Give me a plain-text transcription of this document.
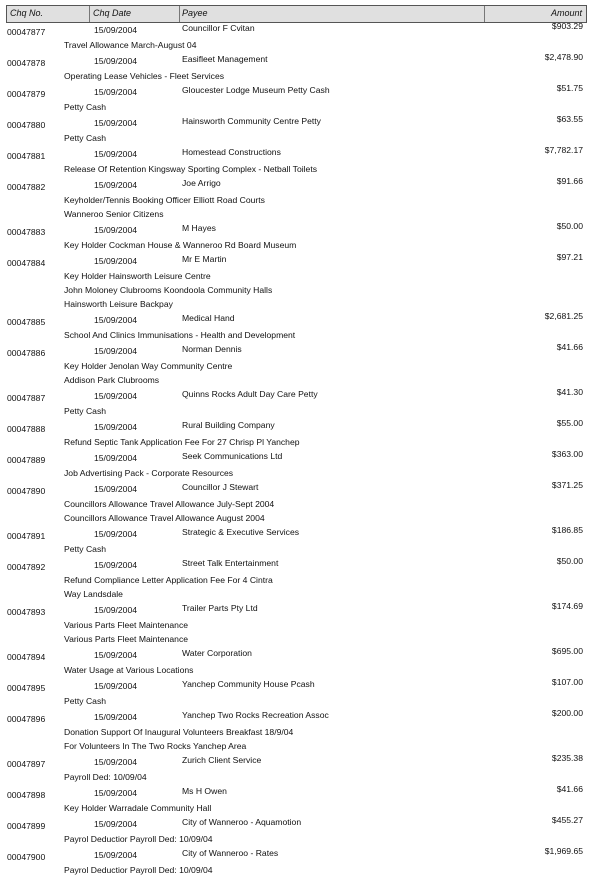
Chq No.	Chq Date	Payee	Amount
00047877	15/09/2004	Councillor F Cvitan	$903.29
Travel Allowance March-August 04
00047878	15/09/2004	Easifleet Management	$2,478.90
Operating Lease Vehicles - Fleet Services
00047879	15/09/2004	Gloucester Lodge Museum Petty Cash	$51.75
Petty Cash
00047880	15/09/2004	Hainsworth Community Centre Petty	$63.55
Petty Cash
00047881	15/09/2004	Homestead Constructions	$7,782.17
Release Of Retention Kingsway Sporting Complex - Netball Toilets
00047882	15/09/2004	Joe Arrigo	$91.66
Keyholder/Tennis Booking Officer Elliott Road Courts
Wanneroo Senior Citizens
00047883	15/09/2004	M Hayes	$50.00
Key Holder Cockman House & Wanneroo Rd Board Museum
00047884	15/09/2004	Mr E Martin	$97.21
Key Holder Hainsworth Leisure Centre
John Moloney Clubrooms Koondoola Community Halls
Hainsworth Leisure Backpay
00047885	15/09/2004	Medical Hand	$2,681.25
School And Clinics Immunisations - Health and Development
00047886	15/09/2004	Norman Dennis	$41.66
Key Holder Jenolan Way Community Centre
Addison Park Clubrooms
00047887	15/09/2004	Quinns Rocks Adult Day Care Petty	$41.30
Petty Cash
00047888	15/09/2004	Rural Building Company	$55.00
Refund Septic Tank Application Fee For 27 Chrisp Pl Yanchep
00047889	15/09/2004	Seek Communications Ltd	$363.00
Job Advertising Pack - Corporate Resources
00047890	15/09/2004	Councillor J Stewart	$371.25
Councillors Allowance Travel Allowance July-Sept 2004
Councillors Allowance Travel Allowance August 2004
00047891	15/09/2004	Strategic & Executive Services	$186.85
Petty Cash
00047892	15/09/2004	Street Talk Entertainment	$50.00
Refund Compliance Letter Application Fee For 4 Cintra
Way Landsdale
00047893	15/09/2004	Trailer Parts Pty Ltd	$174.69
Various Parts Fleet Maintenance
Various Parts Fleet Maintenance
00047894	15/09/2004	Water Corporation	$695.00
Water Usage at Various Locations
00047895	15/09/2004	Yanchep Community House Pcash	$107.00
Petty Cash
00047896	15/09/2004	Yanchep Two Rocks Recreation Assoc	$200.00
Donation Support Of Inaugural Volunteers Breakfast 18/9/04
For Volunteers In The Two Rocks Yanchep Area
00047897	15/09/2004	Zurich Client Service	$235.38
Payroll Ded: 10/09/04
00047898	15/09/2004	Ms H Owen	$41.66
Key Holder Warradale Community Hall
00047899	15/09/2004	City of Wanneroo - Aquamotion	$455.27
Payrol Deductior Payroll Ded: 10/09/04
00047900	15/09/2004	City of Wanneroo - Rates	$1,969.65
Payrol Deductior Payroll Ded: 10/09/04
